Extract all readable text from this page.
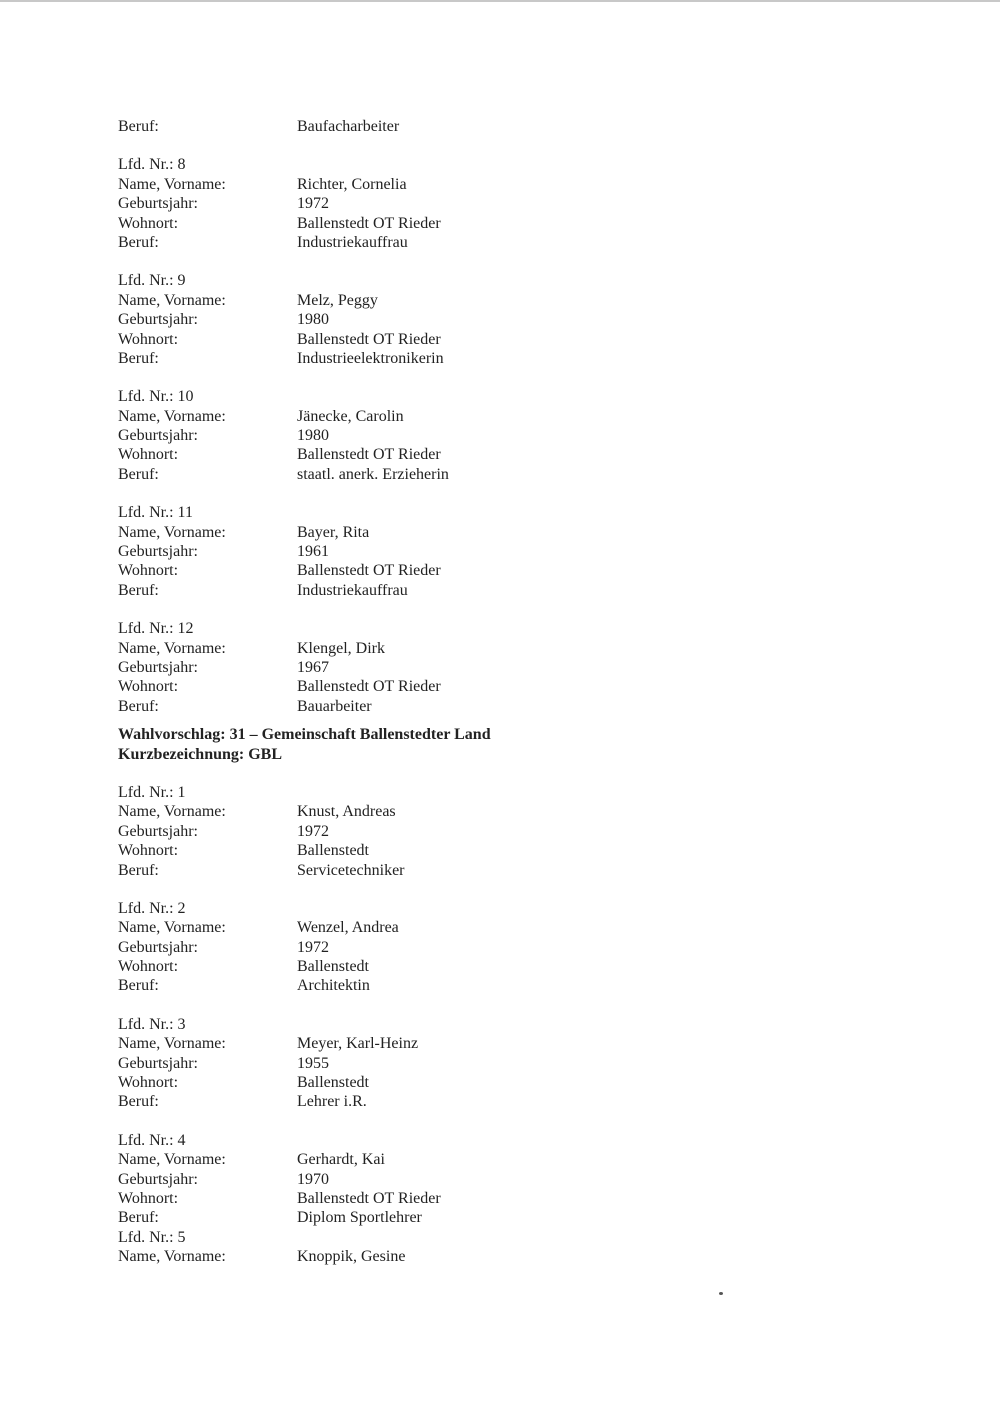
Beruf:	Baufacharbeiter
Lfd. Nr.: 8
Name, Vorname:	Richter, Cornelia
Geburtsjahr:	1972
Wohnort:	Ballenstedt OT Rieder
Beruf:	Industriekauffrau
Lfd. Nr.: 9
Name, Vorname:	Melz, Peggy
Geburtsjahr:	1980
Wohnort:	Ballenstedt OT Rieder
Beruf:	Industrieelektronikerin
Lfd. Nr.: 10
Name, Vorname:	Jänecke, Carolin
Geburtsjahr:	1980
Wohnort:	Ballenstedt OT Rieder
Beruf:	staatl. anerk. Erzieherin
Lfd. Nr.: 11
Name, Vorname:	Bayer, Rita
Geburtsjahr:	1961
Wohnort:	Ballenstedt OT Rieder
Beruf:	Industriekauffrau
Lfd. Nr.: 12
Name, Vorname:	Klengel, Dirk
Geburtsjahr:	1967
Wohnort:	Ballenstedt OT Rieder
Beruf:	Bauarbeiter
Wahlvorschlag: 31 – Gemeinschaft Ballenstedter Land
Kurzbezeichnung: GBL
Lfd. Nr.: 1
Name, Vorname:	Knust, Andreas
Geburtsjahr:	1972
Wohnort:	Ballenstedt
Beruf:	Servicetechniker
Lfd. Nr.: 2
Name, Vorname:	Wenzel, Andrea
Geburtsjahr:	1972
Wohnort:	Ballenstedt
Beruf:	Architektin
Lfd. Nr.: 3
Name, Vorname:	Meyer, Karl-Heinz
Geburtsjahr:	1955
Wohnort:	Ballenstedt
Beruf:	Lehrer i.R.
Lfd. Nr.: 4
Name, Vorname:	Gerhardt, Kai
Geburtsjahr:	1970
Wohnort:	Ballenstedt OT Rieder
Beruf:	Diplom Sportlehrer
Lfd. Nr.: 5
Name, Vorname:	Knoppik, Gesine
